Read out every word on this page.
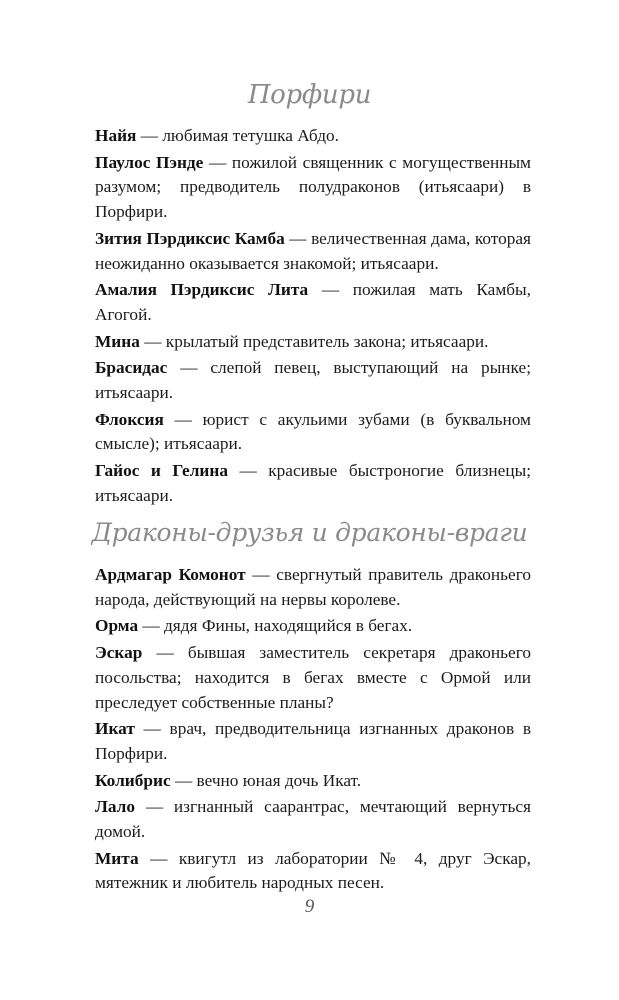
Порфири

Найя — любимая тетушка Абдо.

Паулос Пэнде — пожилой священник с могущественным разумом; предводитель полудраконов (итьясаари) в Порфири.

Зития Пэрдиксис Камба — величественная дама, которая неожиданно оказывается знакомой; итьясаари.

Амалия Пэрдиксис Лита — пожилая мать Камбы, Агогой.

Мина — крылатый представитель закона; итьясаари.

Брасидас — слепой певец, выступающий на рынке; итьясаари.

Флоксия — юрист с акульими зубами (в буквальном смысле); итьясаари.

Гайос и Гелина — красивые быстроногие близнецы; итьясаари.

Драконы-друзья и драконы-враги

Ардмагар Комонот — свергнутый правитель драконьего народа, действующий на нервы королеве.

Орма — дядя Фины, находящийся в бегах.

Эскар — бывшая заместитель секретаря драконьего посольства; находится в бегах вместе с Ормой или преследует собственные планы?

Икат — врач, предводительница изгнанных драконов в Порфири.

Колибрис — вечно юная дочь Икат.

Лало — изгнанный саарантрас, мечтающий вернуться домой.

Мита — квигутл из лаборатории № 4, друг Эскар, мятежник и любитель народных песен.

9
